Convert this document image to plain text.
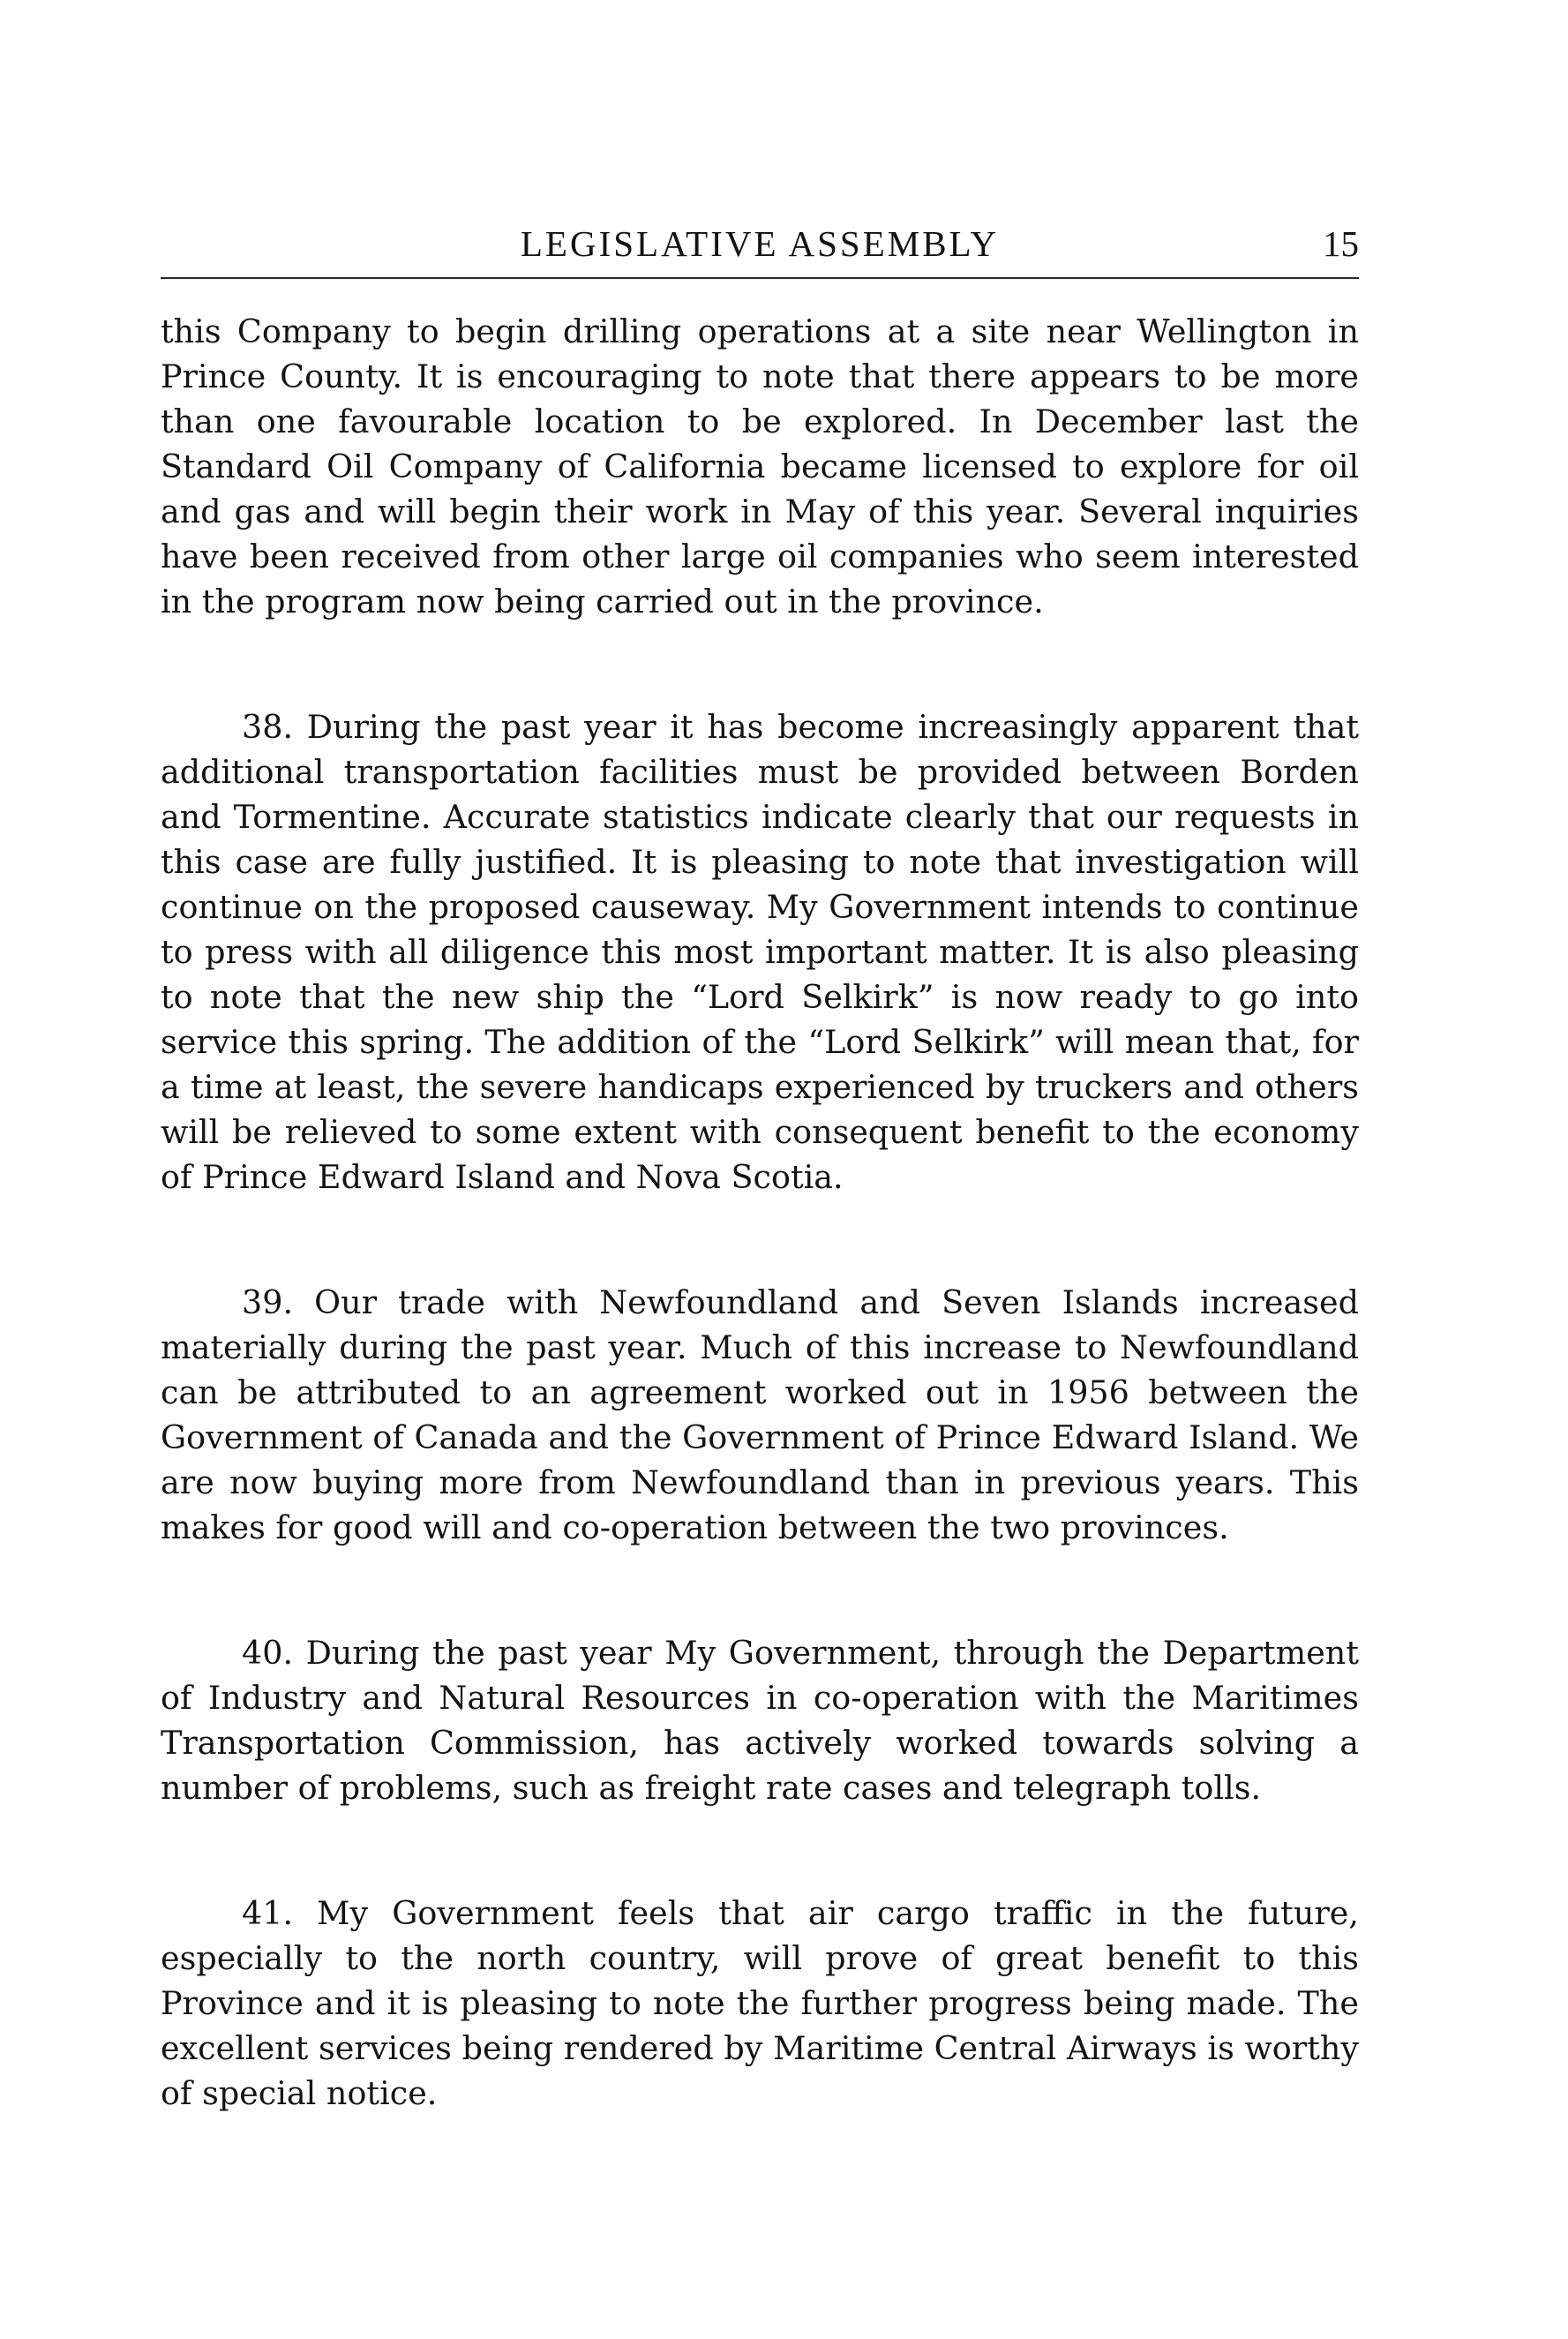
LEGISLATIVE ASSEMBLY	15

this Company to begin drilling operations at a site near Wellington in Prince County. It is encouraging to note that there appears to be more than one favourable location to be explored. In December last the Standard Oil Company of California became licensed to explore for oil and gas and will begin their work in May of this year. Several inquiries have been received from other large oil companies who seem interested in the program now being carried out in the province.

38. During the past year it has become increasingly apparent that additional transportation facilities must be provided between Borden and Tormentine. Accurate statistics indicate clearly that our requests in this case are fully justified. It is pleasing to note that investigation will continue on the proposed causeway. My Government intends to continue to press with all diligence this most important matter. It is also pleasing to note that the new ship the “Lord Selkirk” is now ready to go into service this spring. The addition of the “Lord Selkirk” will mean that, for a time at least, the severe handicaps experienced by truckers and others will be relieved to some extent with consequent benefit to the economy of Prince Edward Island and Nova Scotia.

39. Our trade with Newfoundland and Seven Islands increased materially during the past year. Much of this increase to Newfoundland can be attributed to an agreement worked out in 1956 between the Government of Canada and the Government of Prince Edward Island. We are now buying more from Newfoundland than in previous years. This makes for good will and co-operation between the two provinces.

40. During the past year My Government, through the Department of Industry and Natural Resources in co-operation with the Maritimes Transportation Commission, has actively worked towards solving a number of problems, such as freight rate cases and telegraph tolls.

41. My Government feels that air cargo traffic in the future, especially to the north country, will prove of great benefit to this Province and it is pleasing to note the further progress being made. The excellent services being rendered by Maritime Central Airways is worthy of special notice.
